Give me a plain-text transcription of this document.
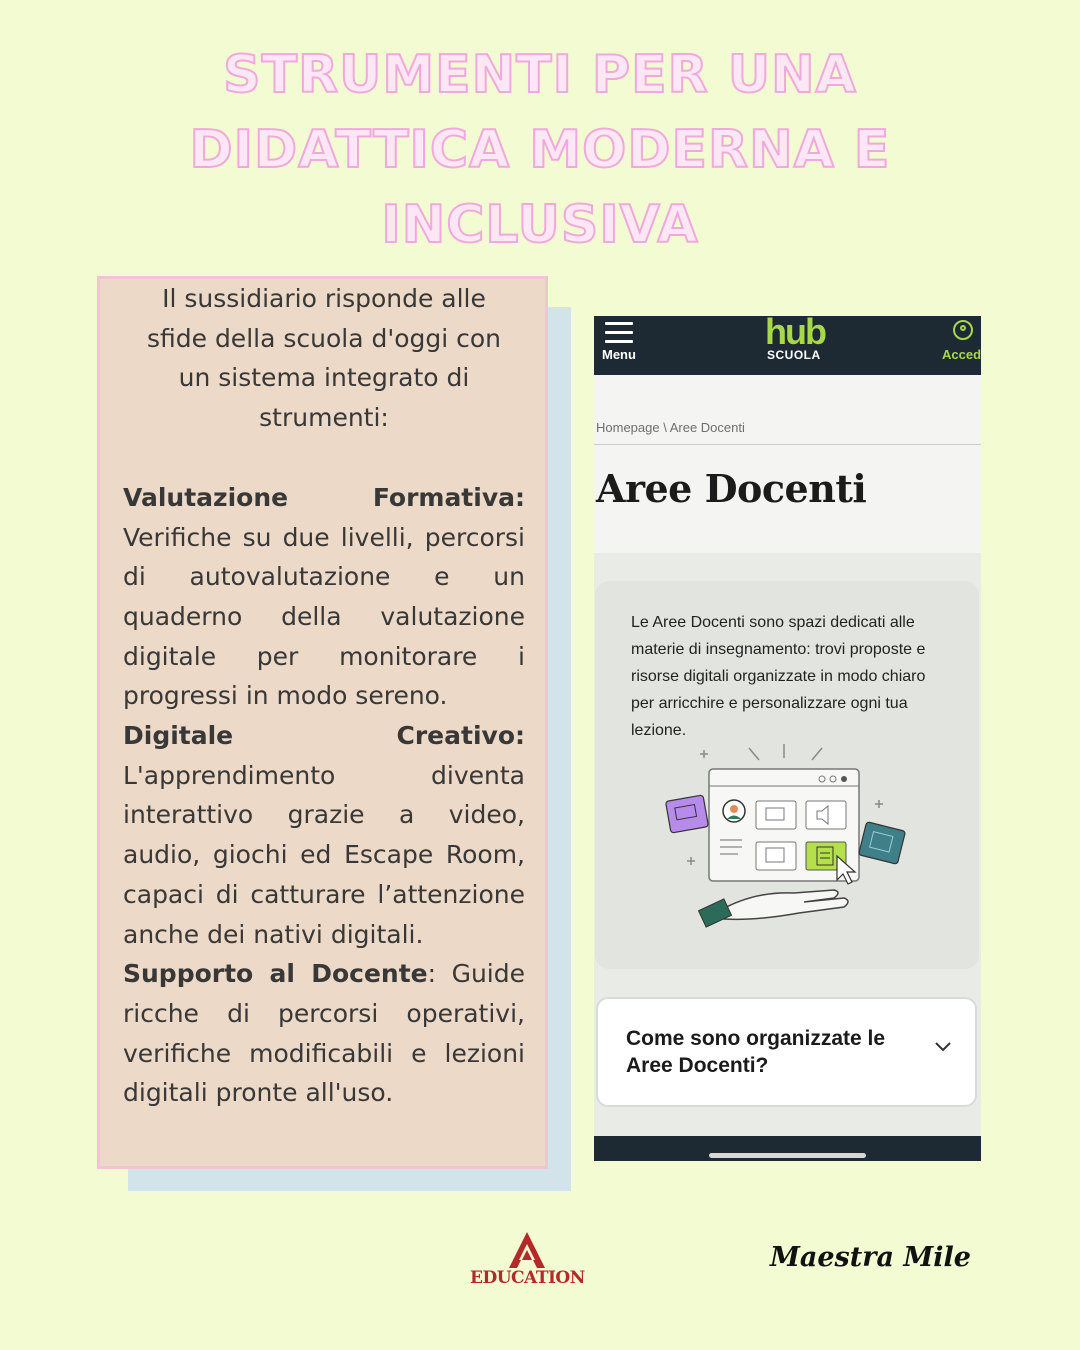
STRUMENTI PER UNA DIDATTICA MODERNA E INCLUSIVA

Il sussidiario risponde alle sfide della scuola d'oggi con un sistema integrato di strumenti:

Valutazione Formativa: Verifiche su due livelli, percorsi di autovalutazione e un quaderno della valutazione digitale per monitorare i progressi in modo sereno.

Digitale Creativo: L'apprendimento diventa interattivo grazie a video, audio, giochi ed Escape Room, capaci di catturare l’attenzione anche dei nativi digitali.

Supporto al Docente: Guide ricche di percorsi operativi, verifiche modificabili e lezioni digitali pronte all'uso.

Menu
hub
SCUOLA	Acced
Homepage \ Aree Docenti
Aree Docenti

Le Aree Docenti sono spazi dedicati alle materie di insegnamento: trovi proposte e risorse digitali organizzate in modo chiaro per arricchire e personalizzare ogni tua lezione.

Come sono organizzate le Aree Docenti?

EDUCATION
Maestra Mile
